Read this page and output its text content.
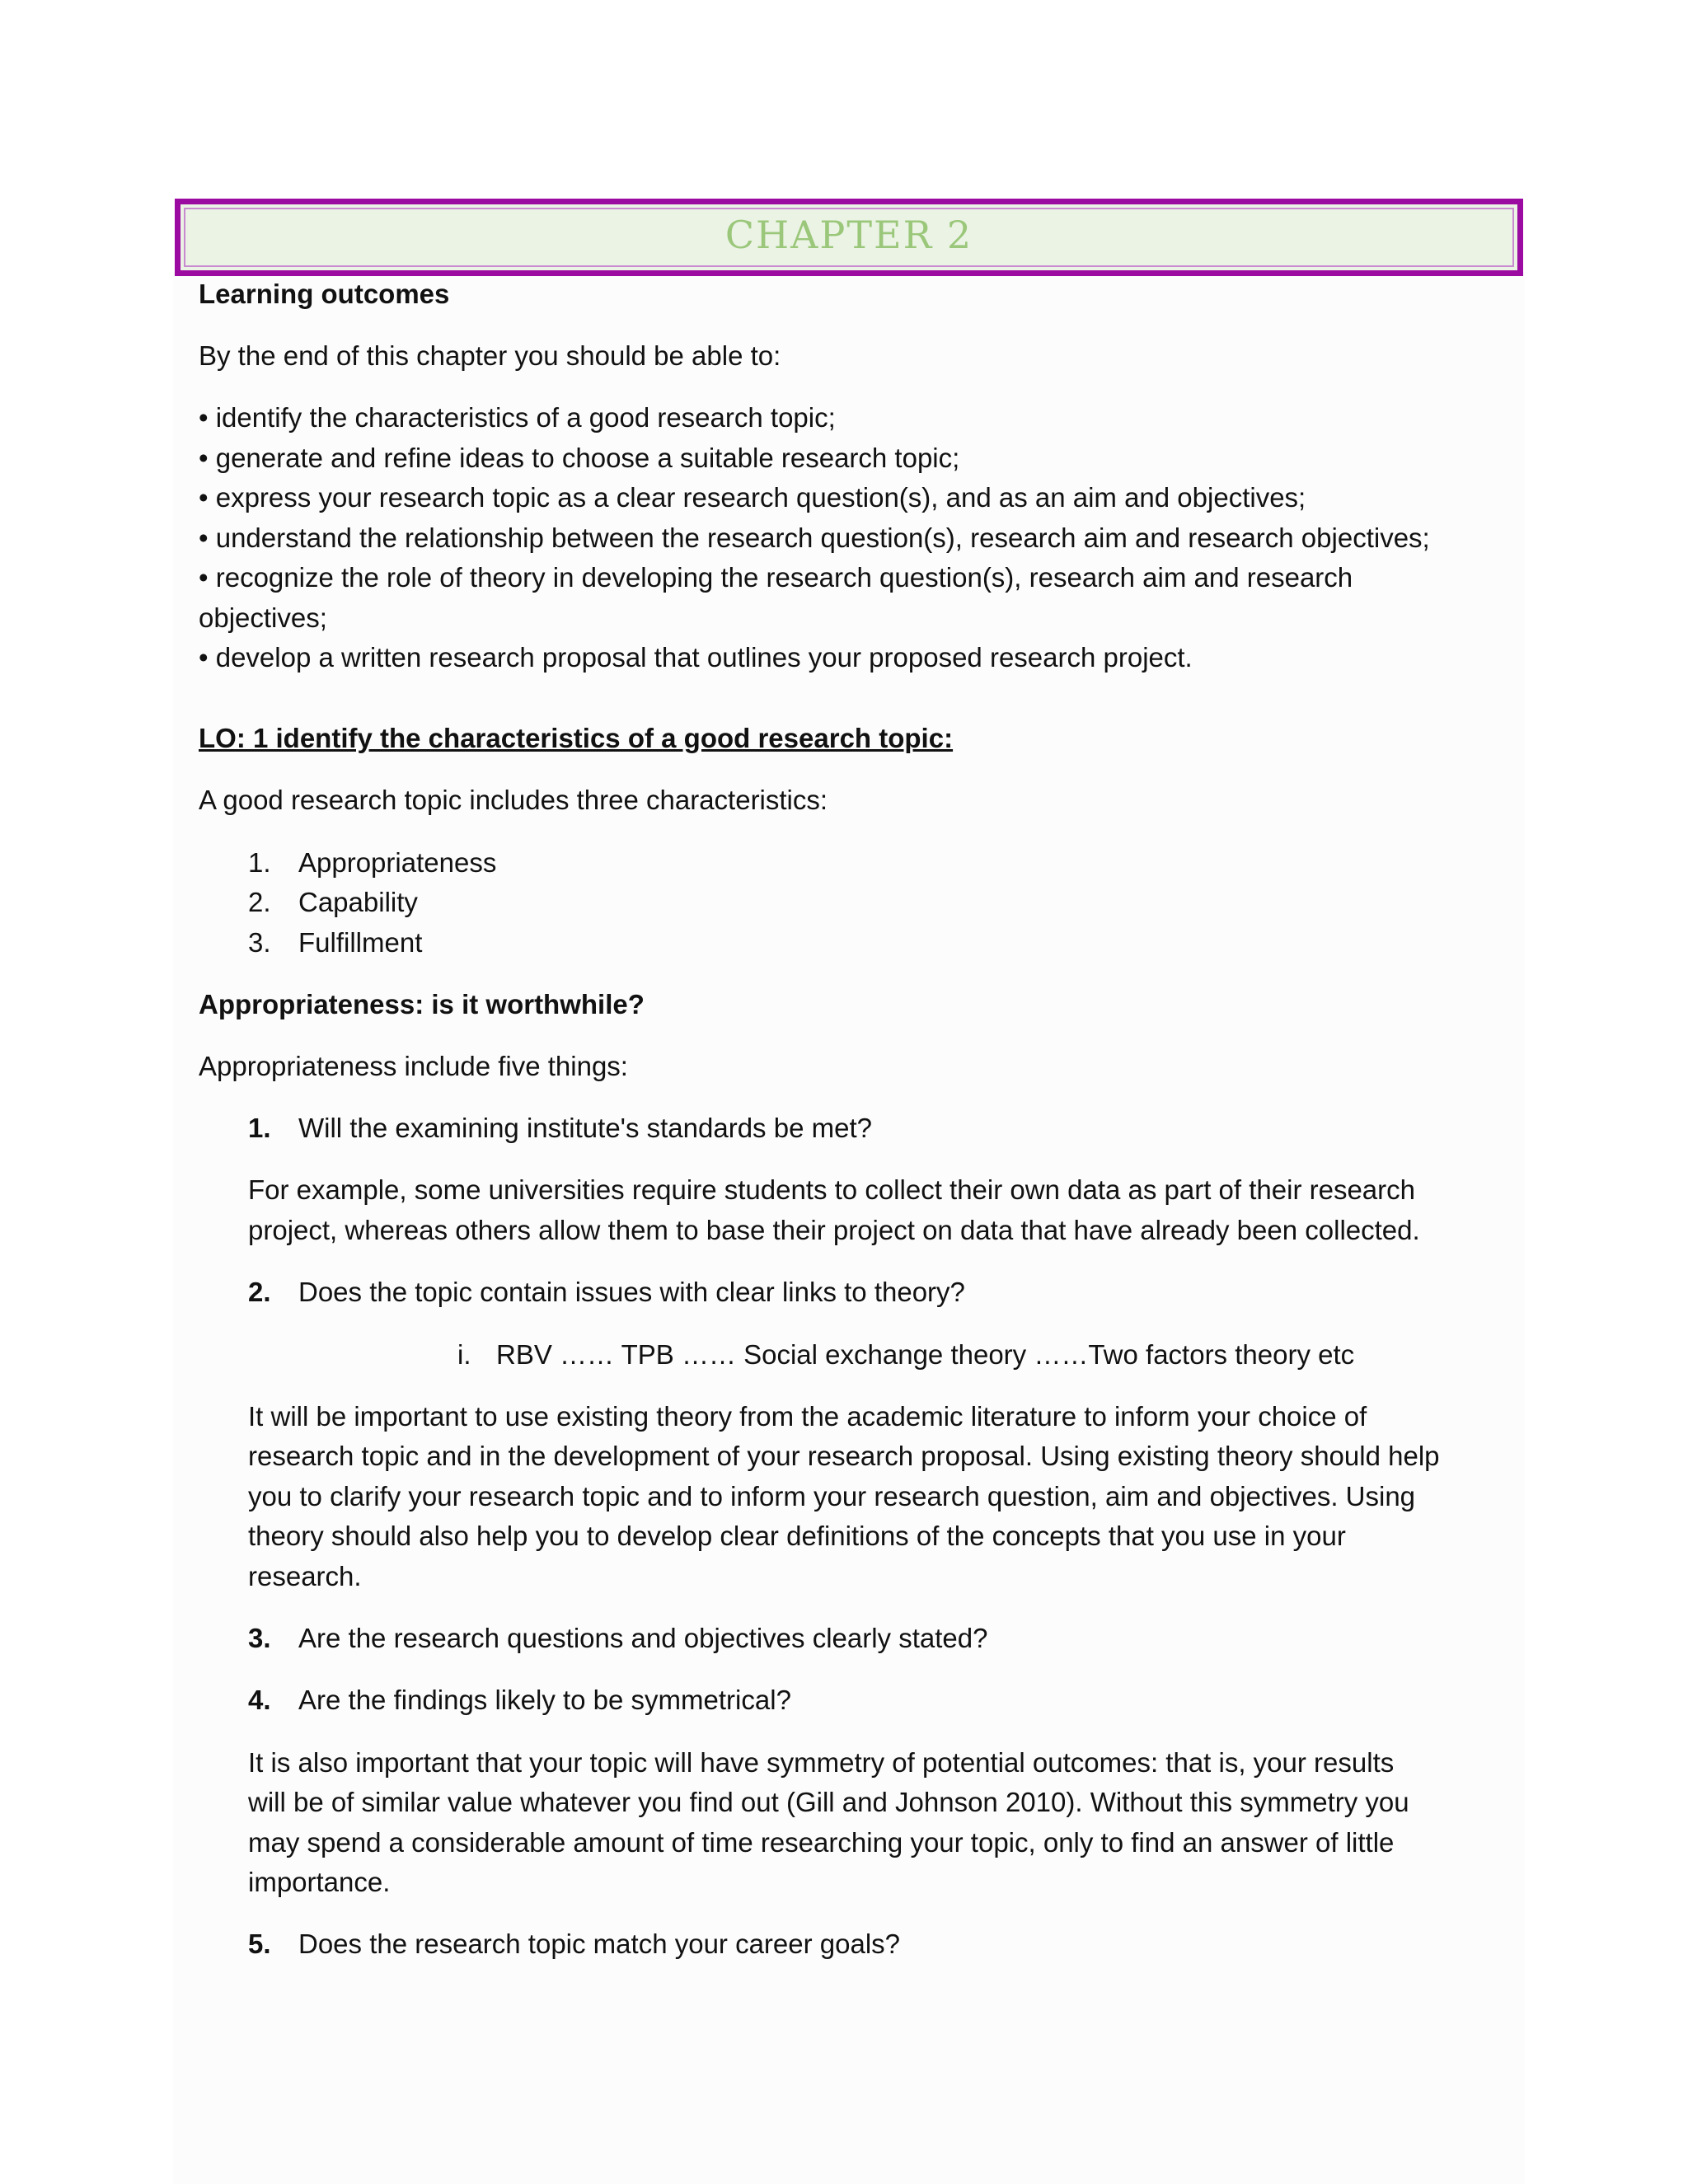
CHAPTER 2
Learning outcomes
By the end of this chapter you should be able to:
• identify the characteristics of a good research topic;
• generate and refine ideas to choose a suitable research topic;
• express your research topic as a clear research question(s), and as an aim and objectives;
• understand the relationship between the research question(s), research aim and research objectives;
• recognize the role of theory in developing the research question(s), research aim and research
objectives;
• develop a written research proposal that outlines your proposed research project.
LO: 1 identify the characteristics of a good research topic:
A good research topic includes three characteristics:
1. Appropriateness
2. Capability
3. Fulfillment
Appropriateness: is it worthwhile?
Appropriateness include five things:
1. Will the examining institute's standards be met?
For example, some universities require students to collect their own data as part of their research
project, whereas others allow them to base their project on data that have already been collected.
2. Does the topic contain issues with clear links to theory?
i. RBV …… TPB …… Social exchange theory ……Two factors theory etc
It will be important to use existing theory from the academic literature to inform your choice of
research topic and in the development of your research proposal. Using existing theory should help
you to clarify your research topic and to inform your research question, aim and objectives. Using
theory should also help you to develop clear definitions of the concepts that you use in your
research.
3. Are the research questions and objectives clearly stated?
4. Are the findings likely to be symmetrical?
It is also important that your topic will have symmetry of potential outcomes: that is, your results
will be of similar value whatever you find out (Gill and Johnson 2010). Without this symmetry you
may spend a considerable amount of time researching your topic, only to find an answer of little
importance.
5. Does the research topic match your career goals?
